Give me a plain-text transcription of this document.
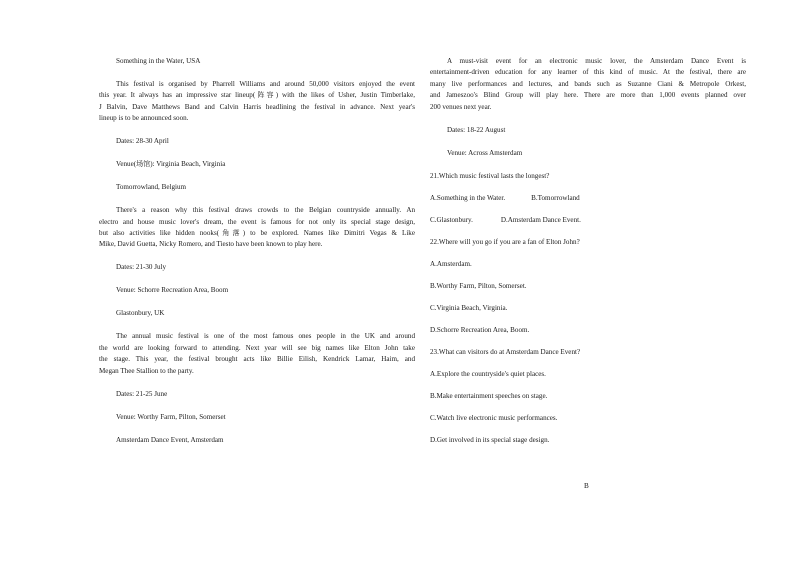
Something in the Water, USA

This festival is organised by Pharrell Williams and around 50,000 visitors enjoyed the event

this year. It always has an impressive star lineup(阵容) with the likes of Usher, Justin Timberlake,

J Balvin, Dave Matthews Band and Calvin Harris headlining the festival in advance. Next year's

lineup is to be announced soon.

Dates: 28-30 April

Venue(场馆): Virginia Beach, Virginia

Tomorrowland, Belgium

There's a reason why this festival draws crowds to the Belgian countryside annually. An

electro and house music lover's dream, the event is famous for not only its special stage design,

but also activities like hidden nooks(角落) to be explored. Names like Dimitri Vegas & Like

Mike, David Guetta, Nicky Romero, and Tiesto have been known to play here.

Dates: 21-30 July

Venue: Schorre Recreation Area, Boom

Glastonbury, UK

The annual music festival is one of the most famous ones people in the UK and around

the world are looking forward to attending. Next year will see big names like Elton John take

the stage. This year, the festival brought acts like Billie Eilish, Kendrick Lamar, Haim, and

Megan Thee Stallion to the party.

Dates: 21-25 June

Venue: Worthy Farm, Pilton, Somerset

Amsterdam Dance Event, Amsterdam

A must-visit event for an electronic music lover, the Amsterdam Dance Event is

entertainment-driven education for any learner of this kind of music. At the festival, there are

many live performances and lectures, and bands such as Suzanne Ciani & Metropole Orkest,

and Jameszoo's Blind Group will play here. There are more than 1,000 events planned over

200 venues next year.

Dates: 18-22 August

Venue: Across Amsterdam

21.Which music festival lasts the longest?

A.Something in the Water.	B.Tomorrowland

C.Glastonbury.	D.Amsterdam Dance Event.

22.Where will you go if you are a fan of Elton John?

A.Amsterdam.

B.Worthy Farm, Pilton, Somerset.

C.Virginia Beach, Virginia.

D.Schorre Recreation Area, Boom.

23.What can visitors do at Amsterdam Dance Event?

A.Explore the countryside's quiet places.

B.Make entertainment speeches on stage.

C.Watch live electronic music performances.

D.Get involved in its special stage design.

B
